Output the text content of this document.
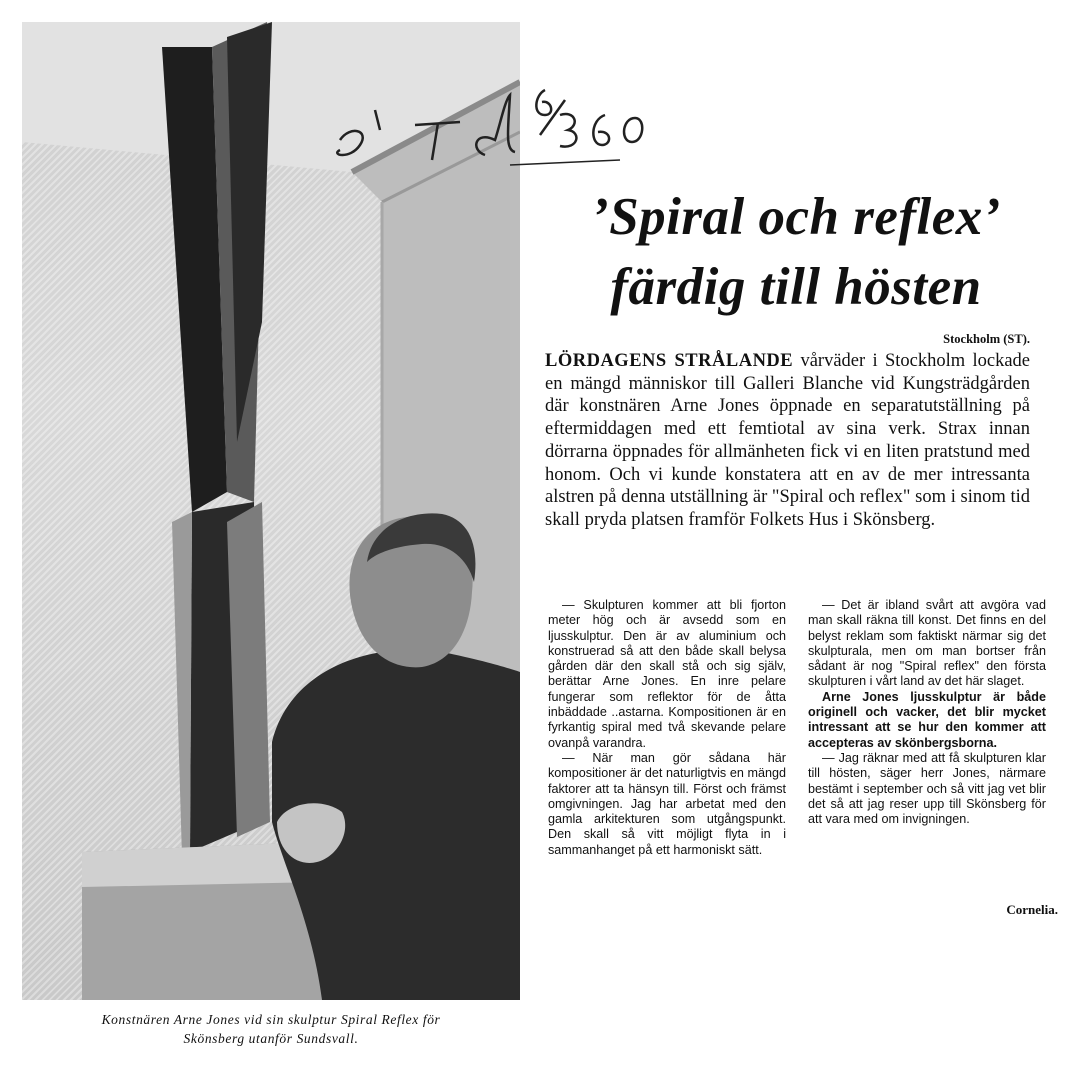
’Spiral och reflex’
färdig till hösten
Stockholm (ST).
LÖRDAGENS STRÅLANDE vårväder i Stockholm lockade en mängd människor till Galleri Blanche vid Kungsträdgården där konstnären Arne Jones öppnade en separatutställning på eftermiddagen med ett femtiotal av sina verk. Strax innan dörrarna öppnades för allmänheten fick vi en liten pratstund med honom. Och vi kunde konstatera att en av de mer intressanta alstren på denna utställning är "Spiral och reflex" som i sinom tid skall pryda platsen framför Folkets Hus i Skönsberg.

— Skulpturen kommer att bli fjorton meter hög och är avsedd som en ljusskulptur. Den är av aluminium och konstruerad så att den både skall belysa gården där den skall stå och sig själv, berättar Arne Jones. En inre pelare fungerar som reflektor för de åtta inbäddade ..astarna. Kompositionen är en fyrkantig spiral med två skevande pelare ovanpå varandra.

— När man gör sådana här kompositioner är det naturligtvis en mängd faktorer att ta hänsyn till. Först och främst omgivningen. Jag har arbetat med den gamla arkitekturen som utgångspunkt. Den skall så vitt möjligt flyta in i sammanhanget på ett harmoniskt sätt.

— Det är ibland svårt att avgöra vad man skall räkna till konst. Det finns en del belyst reklam som faktiskt närmar sig det skulpturala, men om man bortser från sådant är nog "Spiral reflex" den första skulpturen i vårt land av det här slaget.

Arne Jones ljusskulptur är både originell och vacker, det blir mycket intressant att se hur den kommer att accepteras av skönbergsborna.

— Jag räknar med att få skulpturen klar till hösten, säger herr Jones, närmare bestämt i september och så vitt jag vet blir det så att jag reser upp till Skönsberg för att vara med om invigningen.

Cornelia.
Konstnären Arne Jones vid sin skulptur Spiral Reflex för
Skönsberg utanför Sundsvall.
